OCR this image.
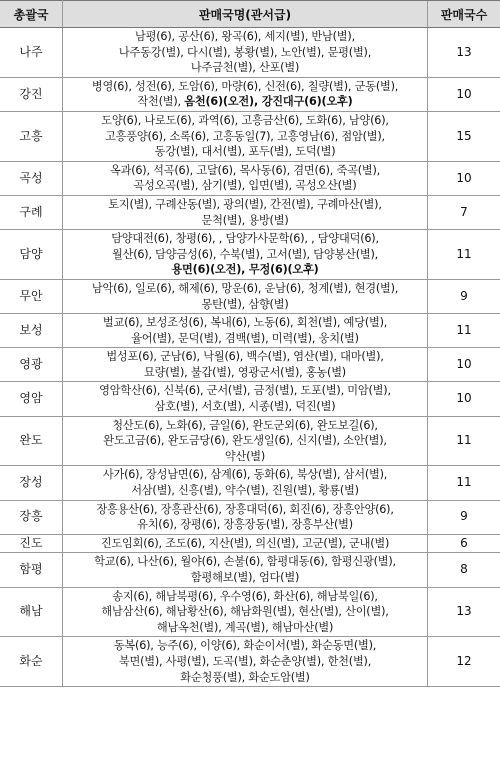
총괄국	판매국명(관서급)	판매국수
나주	남평(6), 공산(6), 왕곡(6), 세지(별), 반남(별),
나주동강(별), 다시(별), 봉황(별), 노안(별), 문평(별),
나주금천(별), 산포(별)	13
강진	병영(6), 성전(6), 도암(6), 마량(6), 신전(6), 칠량(별), 군동(별),
작천(별), 옴천(6)(오전), 강진대구(6)(오후)	10
고흥	도양(6), 나로도(6), 과역(6), 고흥금산(6), 도화(6), 남양(6),
고흥풍양(6), 소록(6), 고흥동일(7), 고흥영남(6), 점암(별),
동강(별), 대서(별), 포두(별), 도덕(별)	15
곡성	옥과(6), 석곡(6), 고달(6), 목사동(6), 겸면(6), 죽곡(별),
곡성오곡(별), 삼기(별), 입면(별), 곡성오산(별)	10
구례	토지(별), 구례산동(별), 광의(별), 간전(별), 구례마산(별),
문척(별), 용방(별)	7
담양	담양대전(6), 창평(6), , 담양가사문학(6), , 담양대덕(6),
월산(6), 담양금성(6), 수북(별), 고서(별), 담양봉산(별),
용면(6)(오전), 무정(6)(오후)	11
무안	남악(6), 일로(6), 해제(6), 망운(6), 운남(6), 청계(별), 현경(별),
몽탄(별), 삼향(별)	9
보성	벌교(6), 보성조성(6), 복내(6), 노동(6), 회천(별), 예당(별),
율어(별), 문덕(별), 겸백(별), 미력(별), 웅치(별)	11
영광	법성포(6), 군남(6), 낙월(6), 백수(별), 염산(별), 대마(별),
묘량(별), 불갑(별), 영광군서(별), 홍농(별)	10
영암	영암학산(6), 신북(6), 군서(별), 금정(별), 도포(별), 미암(별),
삼호(별), 서호(별), 시종(별), 덕진(별)	10
완도	청산도(6), 노화(6), 금일(6), 완도군외(6), 완도보길(6),
완도고금(6), 완도금당(6), 완도생일(6), 신지(별), 소안(별),
약산(별)	11
장성	사가(6), 장성남면(6), 삼계(6), 동화(6), 북상(별), 삼서(별),
서삼(별), 신흥(별), 약수(별), 진원(별), 황룡(별)	11
장흥	장흥용산(6), 장흥관산(6), 장흥대덕(6), 회진(6), 장흥안양(6),
유치(6), 장평(6), 장흥장동(별), 장흥부산(별)	9
진도	진도임회(6), 조도(6), 지산(별), 의신(별), 고군(별), 군내(별)	6
함평	학교(6), 나산(6), 월야(6), 손불(6), 함평대동(6), 함평신광(별),
함평해보(별), 엄다(별)	8
해남	송지(6), 해남북평(6), 우수영(6), 화산(6), 해남북일(6),
해남삼산(6), 해남황산(6), 해남화원(별), 현산(별), 산이(별),
해남옥천(별), 계곡(별), 해남마산(별)	13
화순	동복(6), 능주(6), 이양(6), 화순이서(별), 화순동면(별),
북면(별), 사평(별), 도곡(별), 화순춘양(별), 한천(별),
화순청풍(별), 화순도암(별)	12
